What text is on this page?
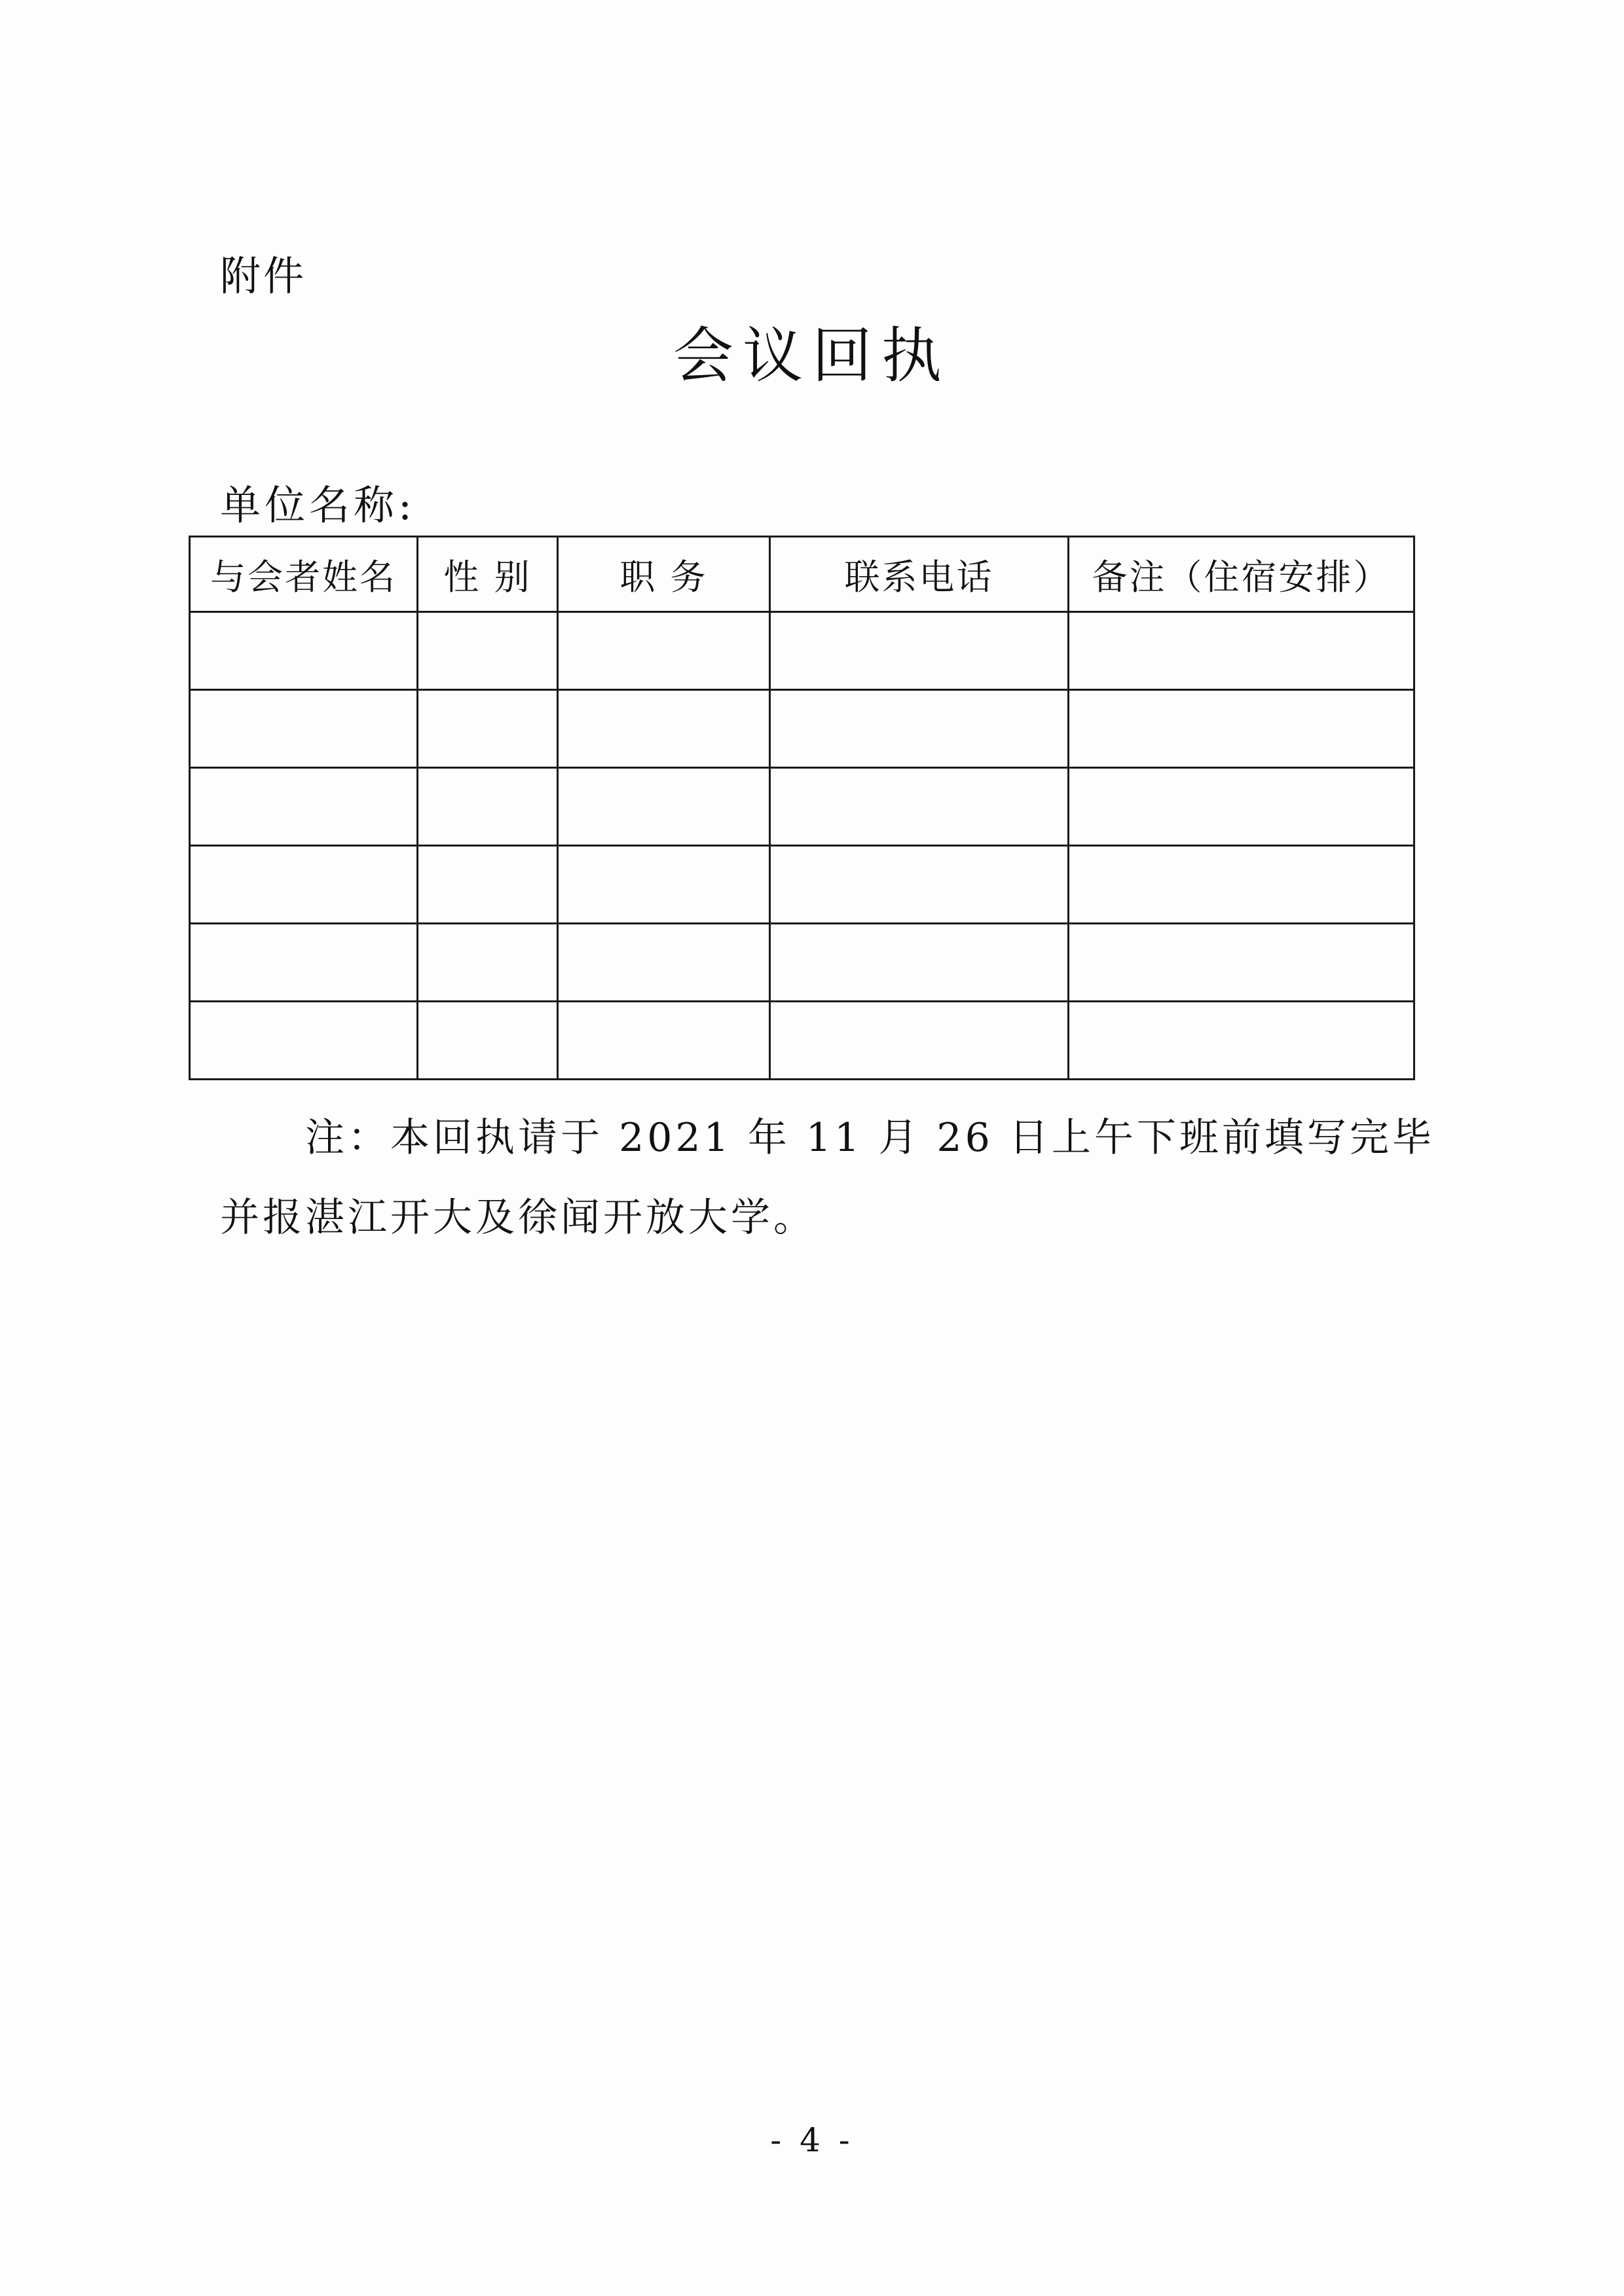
附件
会议回执
单位名称:
与会者姓名	性 别	职 务	联系电话	备注（住宿安排）

注：本回执请于 2021 年 11 月 26 日上午下班前填写完毕
并报湛江开大及徐闻开放大学。
- 4 -
